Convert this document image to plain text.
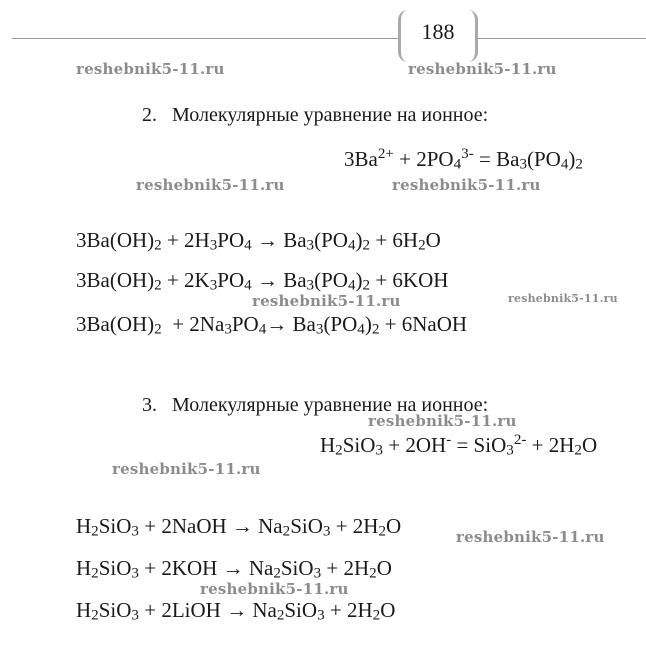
188
reshebnik5-11.ru	reshebnik5-11.ru
reshebnik5-11.ru	reshebnik5-11.ru
reshebnik5-11.ru	reshebnik5-11.ru
reshebnik5-11.ru
reshebnik5-11.ru
reshebnik5-11.ru
reshebnik5-11.ru
2. Молекулярные уравнение на ионное:
$3Ba^{2+} + 2PO_4^{3-} = Ba_3(PO_4)_2$
$3Ba(OH)_2 + 2H_3PO_4 \to Ba_3(PO_4)_2 + 6H_2O$
$3Ba(OH)_2 + 2K_3PO_4 \to Ba_3(PO_4)_2 + 6KOH$
$3Ba(OH)_2 + 2Na_3PO_4\to Ba_3(PO_4)_2$ + 6NaOH
3. Молекулярные уравнение на ионное:
$H_2SiO_3 + 2OH^- = SiO_3^{2-} + 2H_2O$
$H_2SiO_3$ + 2NaOH → $Na_2SiO_3 + 2H_2O$
$H_2SiO_3 + 2KOH \to Na_2SiO_3 + 2H_2O$
$H_2SiO_3$ + 2LiOH → $Na_2SiO_3 + 2H_2O$
